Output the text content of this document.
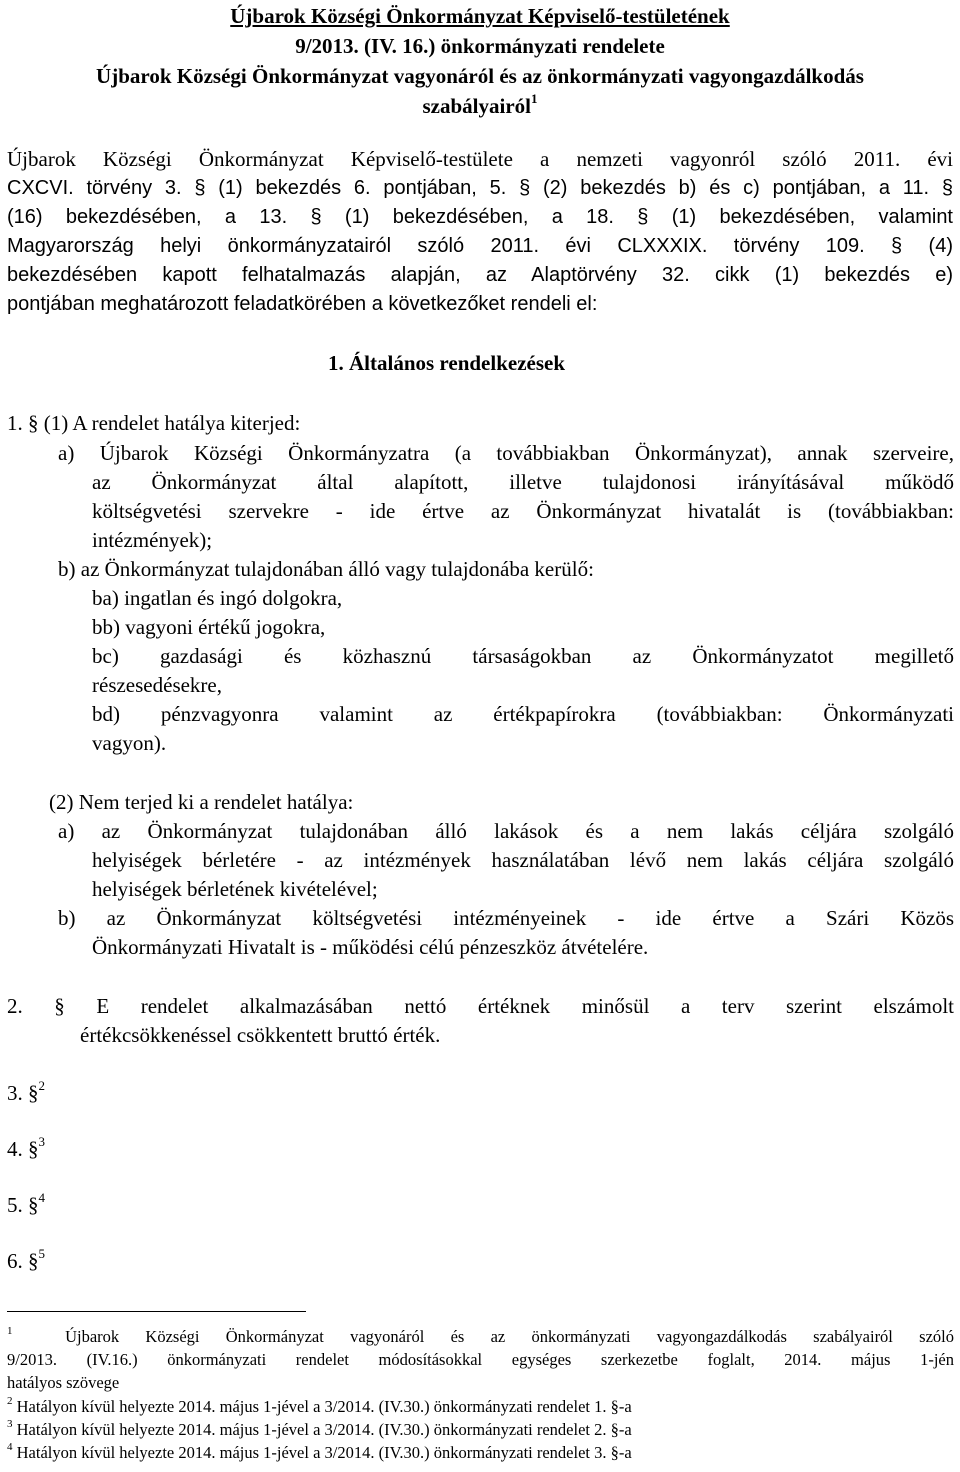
Újbarok Községi Önkormányzat Képviselő-testületének
9/2013. (IV. 16.) önkormányzati rendelete
Újbarok Községi Önkormányzat vagyonáról és az önkormányzati vagyongazdálkodás
szabályairól$^1$
Újbarok Községi Önkormányzat Képviselő-testülete a nemzeti vagyonról szóló 2011. évi
CXCVI. törvény 3. § (1) bekezdés 6. pontjában, 5. § (2) bekezdés b) és c) pontjában, a 11. §
(16) bekezdésében, a 13. § (1) bekezdésében, a 18. § (1) bekezdésében, valamint
Magyarország helyi önkormányzatairól szóló 2011. évi CLXXXIX. törvény 109. § (4)
bekezdésében kapott felhatalmazás alapján, az Alaptörvény 32. cikk (1) bekezdés e)
pontjában meghatározott feladatkörében a következőket rendeli el:
1. Általános rendelkezések
1. § (1) A rendelet hatálya kiterjed:
a) Újbarok Községi Önkormányzatra (a továbbiakban Önkormányzat), annak szerveire,
az Önkormányzat által alapított, illetve tulajdonosi irányításával működő
költségvetési szervekre - ide értve az Önkormányzat hivatalát is (továbbiakban:
intézmények);
b) az Önkormányzat tulajdonában álló vagy tulajdonába kerülő:
ba) ingatlan és ingó dolgokra,
bb) vagyoni értékű jogokra,
bc) gazdasági és közhasznú társaságokban az Önkormányzatot megillető
részesedésekre,
bd) pénzvagyonra valamint az értékpapírokra (továbbiakban: Önkormányzati
vagyon).
(2) Nem terjed ki a rendelet hatálya:
a) az Önkormányzat tulajdonában álló lakások és a nem lakás céljára szolgáló
helyiségek bérletére - az intézmények használatában lévő nem lakás céljára szolgáló
helyiségek bérletének kivételével;
b) az Önkormányzat költségvetési intézményeinek - ide értve a Szári Közös
Önkormányzati Hivatalt is - működési célú pénzeszköz átvételére.
2. § E rendelet alkalmazásában nettó értéknek minősül a terv szerint elszámolt
értékcsökkenéssel csökkentett bruttó érték.
3. §$^2$
4. §$^3$
5. §$^4$
6. §$^5$
$^1$	Újbarok Községi Önkormányzat vagyonáról és az önkormányzati vagyongazdálkodás szabályairól szóló
9/2013. (IV.16.) önkormányzati rendelet módosításokkal egységes szerkezetbe foglalt, 2014. május 1-jén
hatályos szövege
$^2$ Hatályon kívül helyezte 2014. május 1-jével a 3/2014. (IV.30.) önkormányzati rendelet 1. §-a
$^3$ Hatályon kívül helyezte 2014. május 1-jével a 3/2014. (IV.30.) önkormányzati rendelet 2. §-a
$^4$ Hatályon kívül helyezte 2014. május 1-jével a 3/2014. (IV.30.) önkormányzati rendelet 3. §-a
